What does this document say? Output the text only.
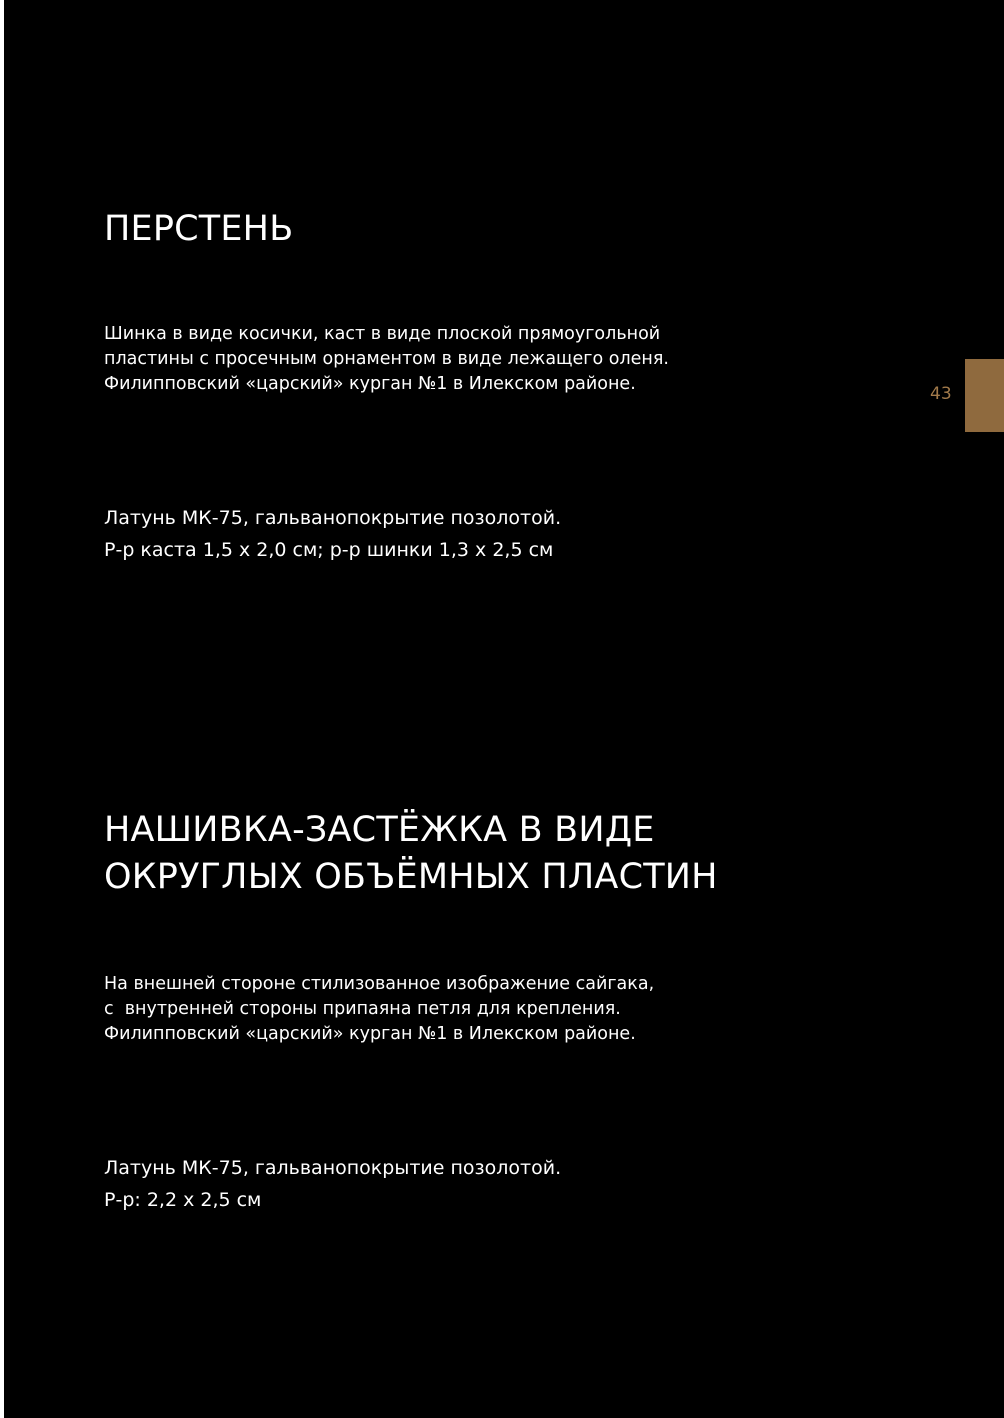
ПЕРСТЕНЬ

Шинка в виде косички, каст в виде плоской прямоугольной
пластины с просечным орнаментом в виде лежащего оленя.
Филипповский «царский» курган №1 в Илекском районе.

Латунь МК-75, гальванопокрытие позолотой.
Р-р каста 1,5 х 2,0 см; р-р шинки 1,3 х 2,5 см

43
НАШИВКА-ЗАСТЁЖКА В ВИДЕ
ОКРУГЛЫХ ОБЪЁМНЫХ ПЛАСТИН

На внешней стороне стилизованное изображение сайгака,
с  внутренней стороны припаяна петля для крепления.
Филипповский «царский» курган №1 в Илекском районе.

Латунь МК-75, гальванопокрытие позолотой.
Р-р: 2,2 х 2,5 см
